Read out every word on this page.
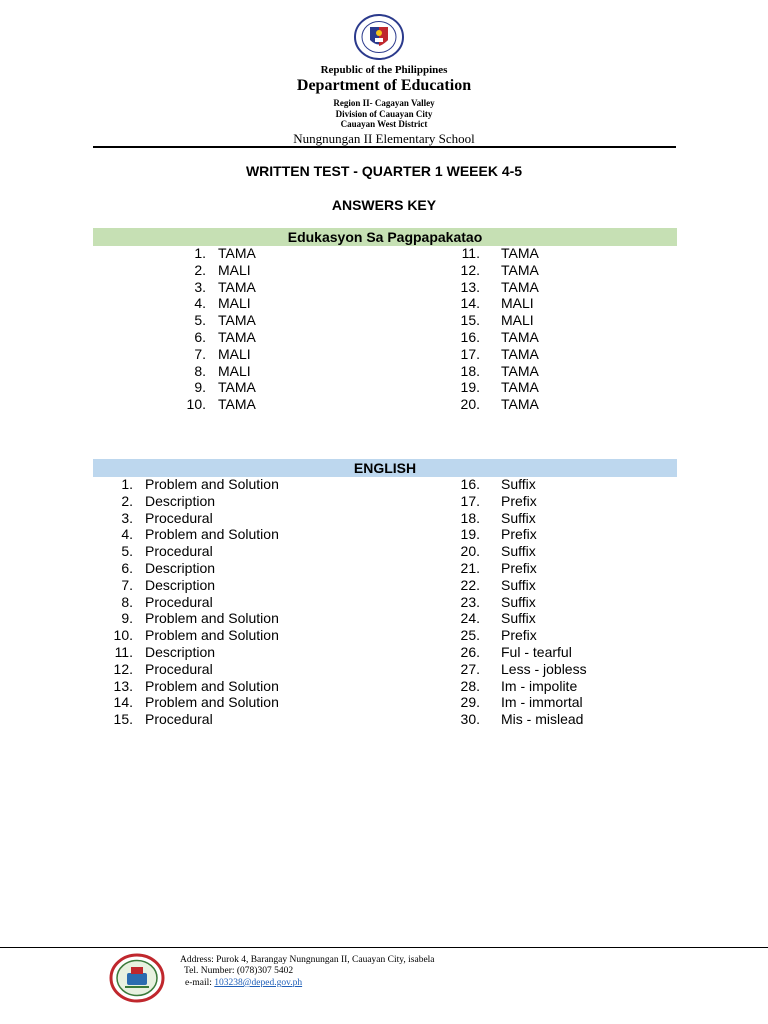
Republic of the Philippines
Department of Education
Region II- Cagayan Valley
Division of Cauayan City
Cauayan West District
Nungnungan II Elementary School
WRITTEN TEST - QUARTER 1 WEEEK 4-5
ANSWERS KEY
Edukasyon Sa Pagpapakatao
1. TAMA
2. MALI
3. TAMA
4. MALI
5. TAMA
6. TAMA
7. MALI
8. MALI
9. TAMA
10. TAMA
11. TAMA
12. TAMA
13. TAMA
14. MALI
15. MALI
16. TAMA
17. TAMA
18. TAMA
19. TAMA
20. TAMA
ENGLISH
1. Problem and Solution
2. Description
3. Procedural
4. Problem and Solution
5. Procedural
6. Description
7. Description
8. Procedural
9. Problem and Solution
10. Problem and Solution
11. Description
12. Procedural
13. Problem and Solution
14. Problem and Solution
15. Procedural
16. Suffix
17. Prefix
18. Suffix
19. Prefix
20. Suffix
21. Prefix
22. Suffix
23. Suffix
24. Suffix
25. Prefix
26. Ful - tearful
27. Less - jobless
28. Im - impolite
29. Im - immortal
30. Mis - mislead
Address: Purok 4, Barangay Nungnungan II, Cauayan City, isabela
Tel. Number: (078)307 5402
e-mail: 103238@deped.gov.ph
